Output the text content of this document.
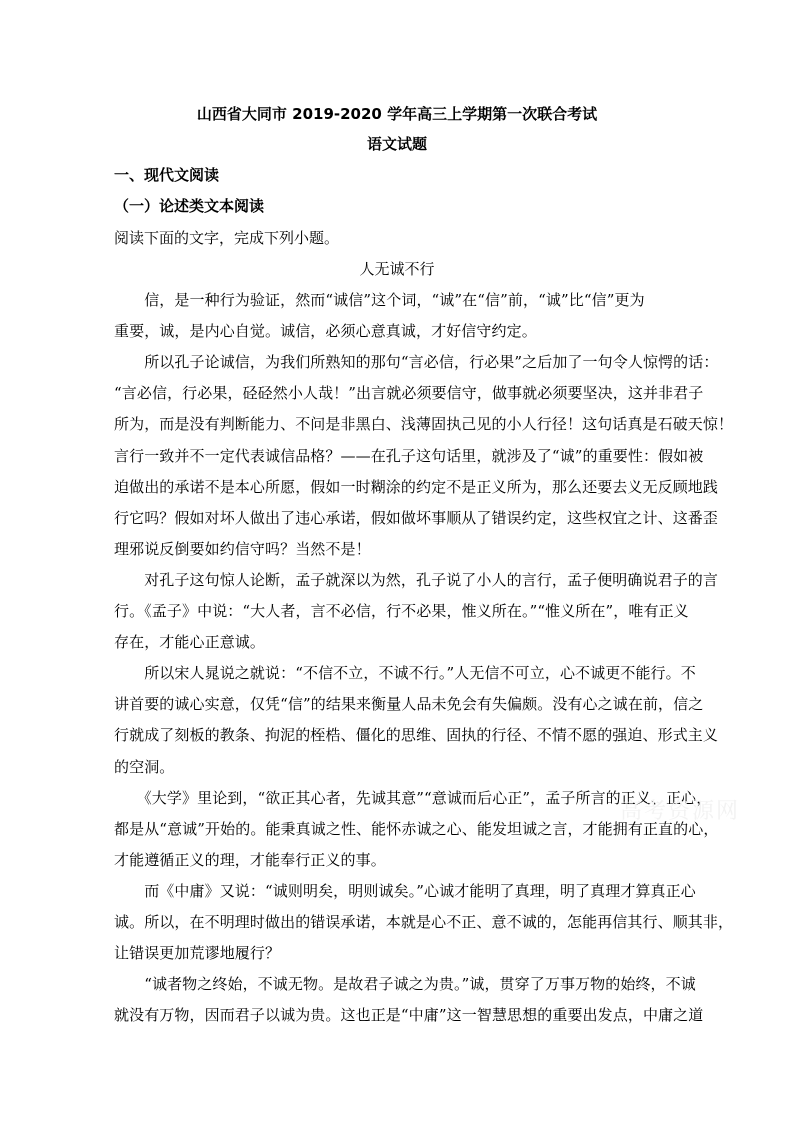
山西省大同市 2019-2020 学年高三上学期第一次联合考试
语文试题
一、现代文阅读
（一）论述类文本阅读
阅读下面的文字，完成下列小题。
人无诚不行
　　信，是一种行为验证，然而“诚信”这个词，“诚”在“信”前，“诚”比“信”更为
重要，诚，是内心自觉。诚信，必须心意真诚，才好信守约定。
　　所以孔子论诚信，为我们所熟知的那句“言必信，行必果”之后加了一句令人惊愕的话：
“言必信，行必果，硁硁然小人哉！”出言就必须要信守，做事就必须要坚决，这并非君子
所为，而是没有判断能力、不问是非黑白、浅薄固执己见的小人行径！这句话真是石破天惊！
言行一致并不一定代表诚信品格？——在孔子这句话里，就涉及了“诚”的重要性：假如被
迫做出的承诺不是本心所愿，假如一时糊涂的约定不是正义所为，那么还要去义无反顾地践
行它吗？假如对坏人做出了违心承诺，假如做坏事顺从了错误约定，这些权宜之计、这番歪
理邪说反倒要如约信守吗？当然不是！
　　对孔子这句惊人论断，孟子就深以为然，孔子说了小人的言行，孟子便明确说君子的言
行。《孟子》中说：“大人者，言不必信，行不必果，惟义所在。”“惟义所在”，唯有正义
存在，才能心正意诚。
　　所以宋人晁说之就说：“不信不立，不诚不行。”人无信不可立，心不诚更不能行。不
讲首要的诚心实意，仅凭“信”的结果来衡量人品未免会有失偏颇。没有心之诚在前，信之
行就成了刻板的教条、拘泥的桎梏、僵化的思维、固执的行径、不情不愿的强迫、形式主义
的空洞。
　　《大学》里论到，“欲正其心者，先诚其意”“意诚而后心正”，孟子所言的正义、正心，
都是从“意诚”开始的。能秉真诚之性、能怀赤诚之心、能发坦诚之言，才能拥有正直的心，
才能遵循正义的理，才能奉行正义的事。
　　而《中庸》又说：“诚则明矣，明则诚矣。”心诚才能明了真理，明了真理才算真正心
诚。所以，在不明理时做出的错误承诺，本就是心不正、意不诚的，怎能再信其行、顺其非，
让错误更加荒谬地履行？
　　“诚者物之终始，不诚无物。是故君子诚之为贵。”诚，贯穿了万事万物的始终，不诚
就没有万物，因而君子以诚为贵。这也正是“中庸”这一智慧思想的重要出发点，中庸之道
高考资源网
